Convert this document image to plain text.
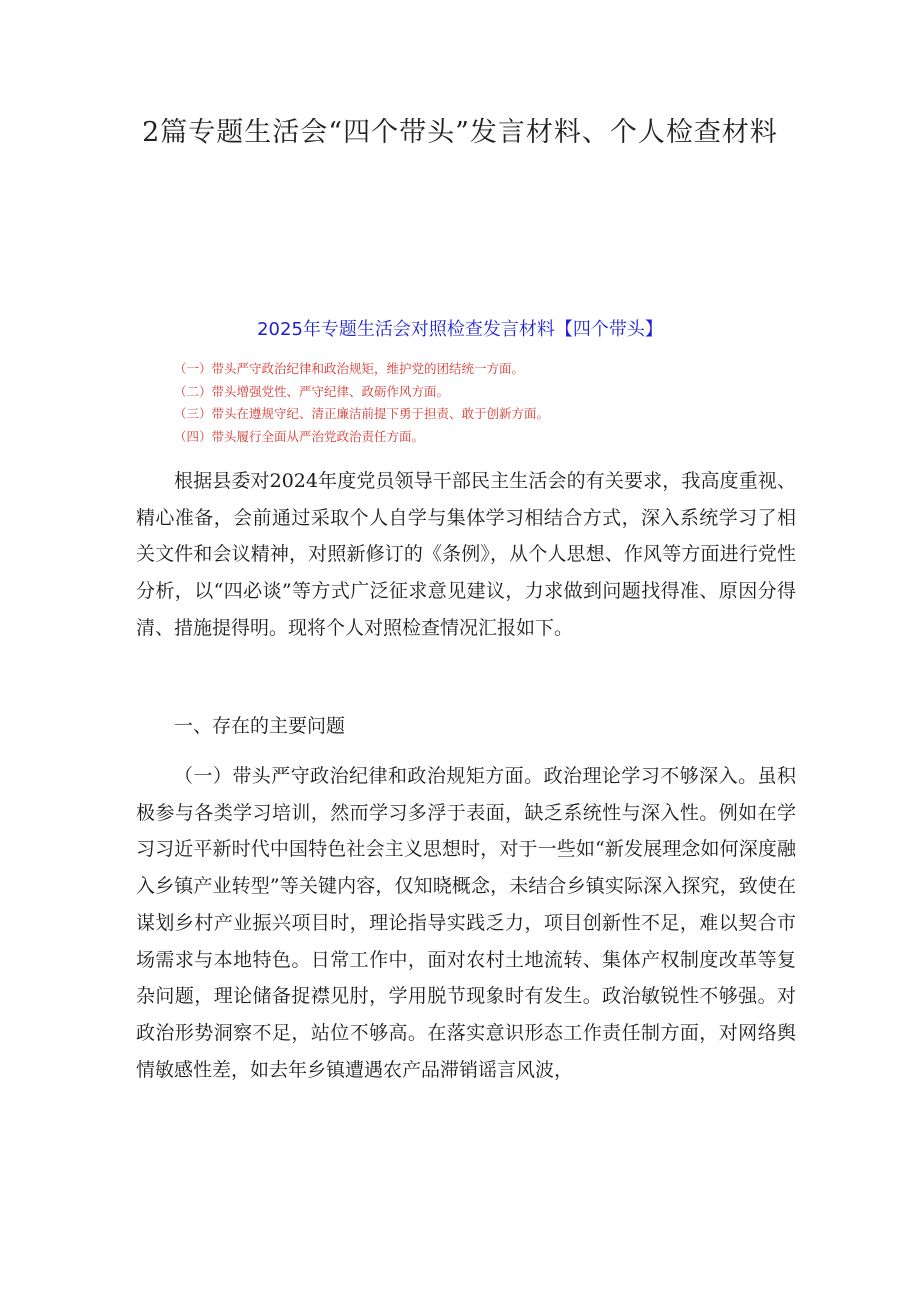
2篇专题生活会“四个带头”发言材料、个人检查材料
2025年专题生活会对照检查发言材料【四个带头】
（一）带头严守政治纪律和政治规矩，维护党的团结统一方面。
（二）带头增强党性、严守纪律、政砺作风方面。
（三）带头在遵规守纪、清正廉洁前提下勇于担责、敢于创新方面。
（四）带头履行全面从严治党政治责任方面。

根据县委对2024年度党员领导干部民主生活会的有关要求，我高度重视、精心准备，会前通过采取个人自学与集体学习相结合方式，深入系统学习了相关文件和会议精神，对照新修订的《条例》，从个人思想、作风等方面进行党性分析，以“四必谈”等方式广泛征求意见建议，力求做到问题找得准、原因分得清、措施提得明。现将个人对照检查情况汇报如下。

一、存在的主要问题

（一）带头严守政治纪律和政治规矩方面。政治理论学习不够深入。虽积极参与各类学习培训，然而学习多浮于表面，缺乏系统性与深入性。例如在学习习近平新时代中国特色社会主义思想时，对于一些如“新发展理念如何深度融入乡镇产业转型”等关键内容，仅知晓概念，未结合乡镇实际深入探究，致使在谋划乡村产业振兴项目时，理论指导实践乏力，项目创新性不足，难以契合市场需求与本地特色。日常工作中，面对农村土地流转、集体产权制度改革等复杂问题，理论储备捉襟见肘，学用脱节现象时有发生。政治敏锐性不够强。对政治形势洞察不足，站位不够高。在落实意识形态工作责任制方面，对网络舆情敏感性差，如去年乡镇遭遇农产品滞销谣言风波，
